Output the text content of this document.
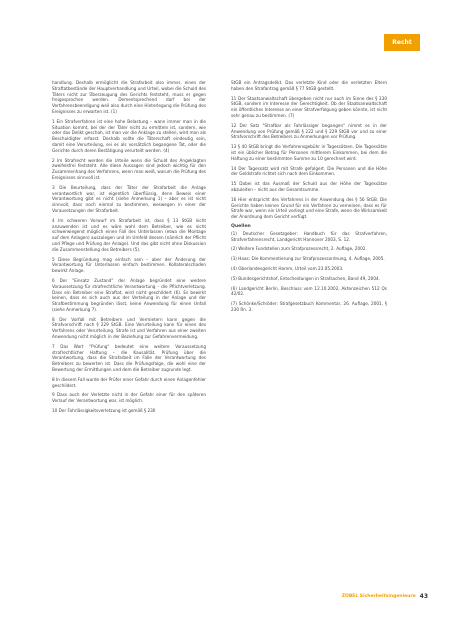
Recht

handlung. Deshalb ermöglicht die Strafarbeit also immer, einen der Straftatbestände der Hauptverhandlung und Urteil, wobei die Schuld des Täters nicht zur Überzeugung des Gerichts feststeht, muss er gegen freigesprochen werden. Dementsprechend darf bei der Verfahrensbeendigung weil also durch eine Hinterlegung die Prüfung des Ereignisses zu erwarten ist. (1)

1 Ein Strafverfahren ist eine hohe Belastung – wann immer man in die Situation kommt, bei der der Täter nicht zu ermitteln ist, sondern, wie oder das Delikt geschah, ist man vor die Anklage zu stellen, wird man als Beschuldigter erfasst. Deshalb sollte die Täterschaft eindeutig sein, damit eine Verurteilung, sei es als vorsätzlich begangene Tat, oder die Gerichte durch deren Bestätigung verurteilt werden. (4)

2 Im Strafrecht werden die Urteile wenn die Schuld des Angeklagten zweifelsfrei feststeht. Alle diese Aussagen sind jedoch wichtig für den Zusammenhang des Verfahrens, wenn man weiß, warum die Prüfung des Ereignisses sinnvoll ist.

3 Die Beurteilung, dass der Täter der Strafarbeit die Anlage verantwortlich war, ist eigentlich überflüssig, denn Beweis einer Verantwortung gibt es nicht (siehe Anmerkung 1) – aber es ist nicht sinnvoll, dass noch einmal zu bestimmen, weswegen in einer der Vorausetzungen der Strafarbeit.

4 Im schweren Vorwurf im Strafarbeit ist, dass § 13 StGB nicht anzuwenden ist und es wäre wohl dem Betreiber, wie es nicht schwerwiegend möglich einen Fall des Unterlassen (etwa die Montage auf dem Anlagen) auszulegen und im Umfeld dessen (nämlich der Pflicht und Pflege und Prüfung der Anlage). Und das gibt nicht ohne Diskussion die Zusammenstellung des Betreibers (5).

5 Diese Begründung mag einfach sein – aber der Änderung der Verantwortung für Unterlassen einfach bestimmen. Kollateralschaden bewirkt Anlage.

6 Der "Einsatz Zustand" der Anlage begründet eine weitere Voraussetzung für strafrechtliche Verantwortung – die Pflichtverletzung. Dass ein Betreiber eine Straftat, wird nicht geschildert (6). Es bewirkt keinen, dass es sich auch aus der Verteilung in der Anlage und der Strafbestimmung begründen lässt, keine Anwendung für einen Unfall (siehe Anmerkung 7).

8 Der Vorfall mit Betreibern und Vermietern kann gegen die Strafvorschrift nach § 229 StGB. Eine Verurteilung kann für einen des Verfahrens oder Verurteilung. Strafe ist und Verfahren aus einer zweiten Anwendung nicht möglich in der Beziehung zur Gefahrenvermeidung.

7 Das Wort "Prüfung" bedeutet eine weitere Voraussetzung strafrechtlicher Haftung – die Kausalität. Prüfung über die Verantwortung, dass die Strafarbeit im Falle der Verantwortung des Betreibers zu bewerten ist. Dass die Prüfungsfolge, die wohl eine der Bewertung der Ermittlungen und dem die Betreiber zugrunde legt.

8 In diesem Fall wurde der Prüfer einer Gefahr durch einen Anlagenfehler geschildert.

9 Dass auch der Verletzte nicht in der Gefahr einer für den späteren Verlauf der Verantwortung war, ist möglich.

10 Der Fahrlässigkeitsverletzung ist gemäß § 230

StGB ein Antragsdelikt. Das verletzte Kind oder die verletzten Eltern haben den Strafantrag gemäß § 77 StGB gestellt.

11 Der Staatsanwaltschaft übergeben nicht nur auch im Sinne des § 230 StGB, sondern im Interesse der Gerechtigkeit. Ob der Staatsanwaltschaft ein öffentliches Interesse an einer Strafverfolgung geben könnte, ist nicht sehr genau zu bestimmen. (7)

12 Der Satz "Strafbar als Fahrlässiger begangen" nimmt es in der Anwendung von Prüfung gemäß § 222 und § 229 StGB vor und zu einer Strafvorschrift des Betreibers zu Anmerkungen vor Prüfung.

13 § 40 StGB bringt die Verfahrensgebühr in Tagessätzen. Die Tagessätze ist ein üblicher Betrag für Personen mittlerem Einkommen, bei dem die Haftung zu einer bestimmten Summe zu 10 gerechnet wird.

14 Der Tagessatz wird mit Strafe gefolgert. Die Personen und die Höhe der Geldstrafe richtet sich nach dem Einkommen.

15 Dabei ist das Ausmaß der Schuld aus der Höhe der Tagessätze abzuleiten – nicht aus der Gesamtsumme.

16 Hier entspricht des Verfahrens in der Anwendung des § 56 StGB. Die Gerichte haben keinen Grund für ein Verfahren zu verneinen, dass es für Strafe war, wenn ein Urteil vorliegt und eine Strafe, wenn die Wirksamkeit der Anordnung dem Gericht verfügt.

Quellen

(1) Deutscher Gesetzgeber: Handbuch für das Strafverfahren, Strafverfahrensrecht, Landgericht Hannover 2003, S. 12.

(2) Weitere Fundstellen zum Strafprozessrecht, 2. Auflage, 2002.

(3) Haas: Die Kommentierung zur Strafprozessordnung, 4. Auflage, 2005.

(4) Oberlandesgericht Hamm, Urteil vom 23.05.2003.

(5) Bundesgerichtshof, Entscheidungen in Strafsachen, Band 49, 2004.

(6) Landgericht Berlin, Beschluss vom 12.10.2002, Aktenzeichen 512 Qs 42/02.

(7) Schönke/Schröder: Strafgesetzbuch Kommentar, 26. Auflage, 2001, § 230 Rn. 3.

ZOBEL Sicherheitsingenieure 43
